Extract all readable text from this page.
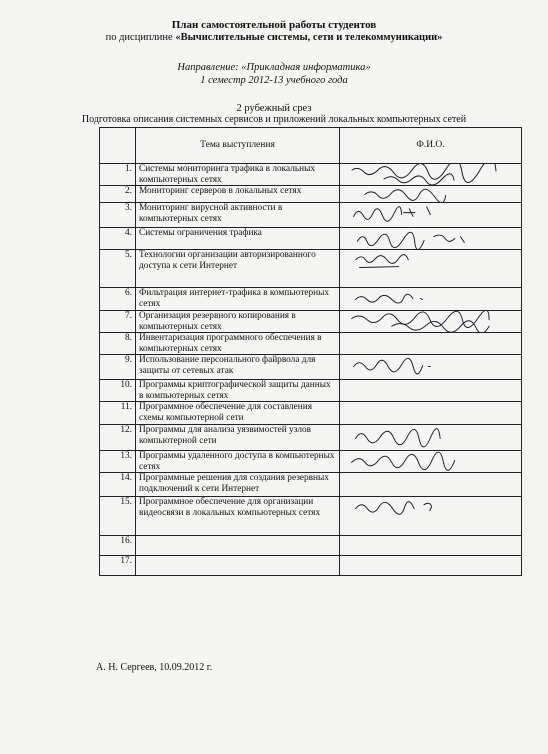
План самостоятельной работы студентов
по дисциплине «Вычислительные системы, сети и телекоммуникации»
Направление: «Прикладная информатика»
1 семестр 2012-13 учебного года
2 рубежный срез
Подготовка описания системных сервисов и приложений локальных компьютерных сетей
	Тема выступления	Ф.И.О.
1.	Системы мониторинга трафика в локальных компьютерных сетях	

2.	Мониторинг серверов в локальных сетях	

3.	Мониторинг вирусной активности в компьютерных сетях	

4.	Системы ограничения трафика	

5.	Технологии организации авторизированного доступа к сети Интернет	

6.	Фильтрация интернет-трафика в компьютерных сетях	

7.	Организация резервного копирования в компьютерных сетях	

8.	Инвентаризация программного обеспечения в компьютерных сетях	
9.	Использование персонального файрвола для защиты от сетевых атак	

10.	Программы криптографической защиты данных в компьютерных сетях	
11.	Программное обеспечение для составления схемы компьютерной сети	
12.	Программы для анализа уязвимостей узлов компьютерной сети	

13.	Программы удаленного доступа в компьютерных сетях	

14.	Программные решения для создания резервных подключений к сети Интернет	
15.	Программное обеспечение для организации видеосвязи в локальных компьютерных сетях	

16.		
17.		
А. Н. Сергеев, 10.09.2012 г.
